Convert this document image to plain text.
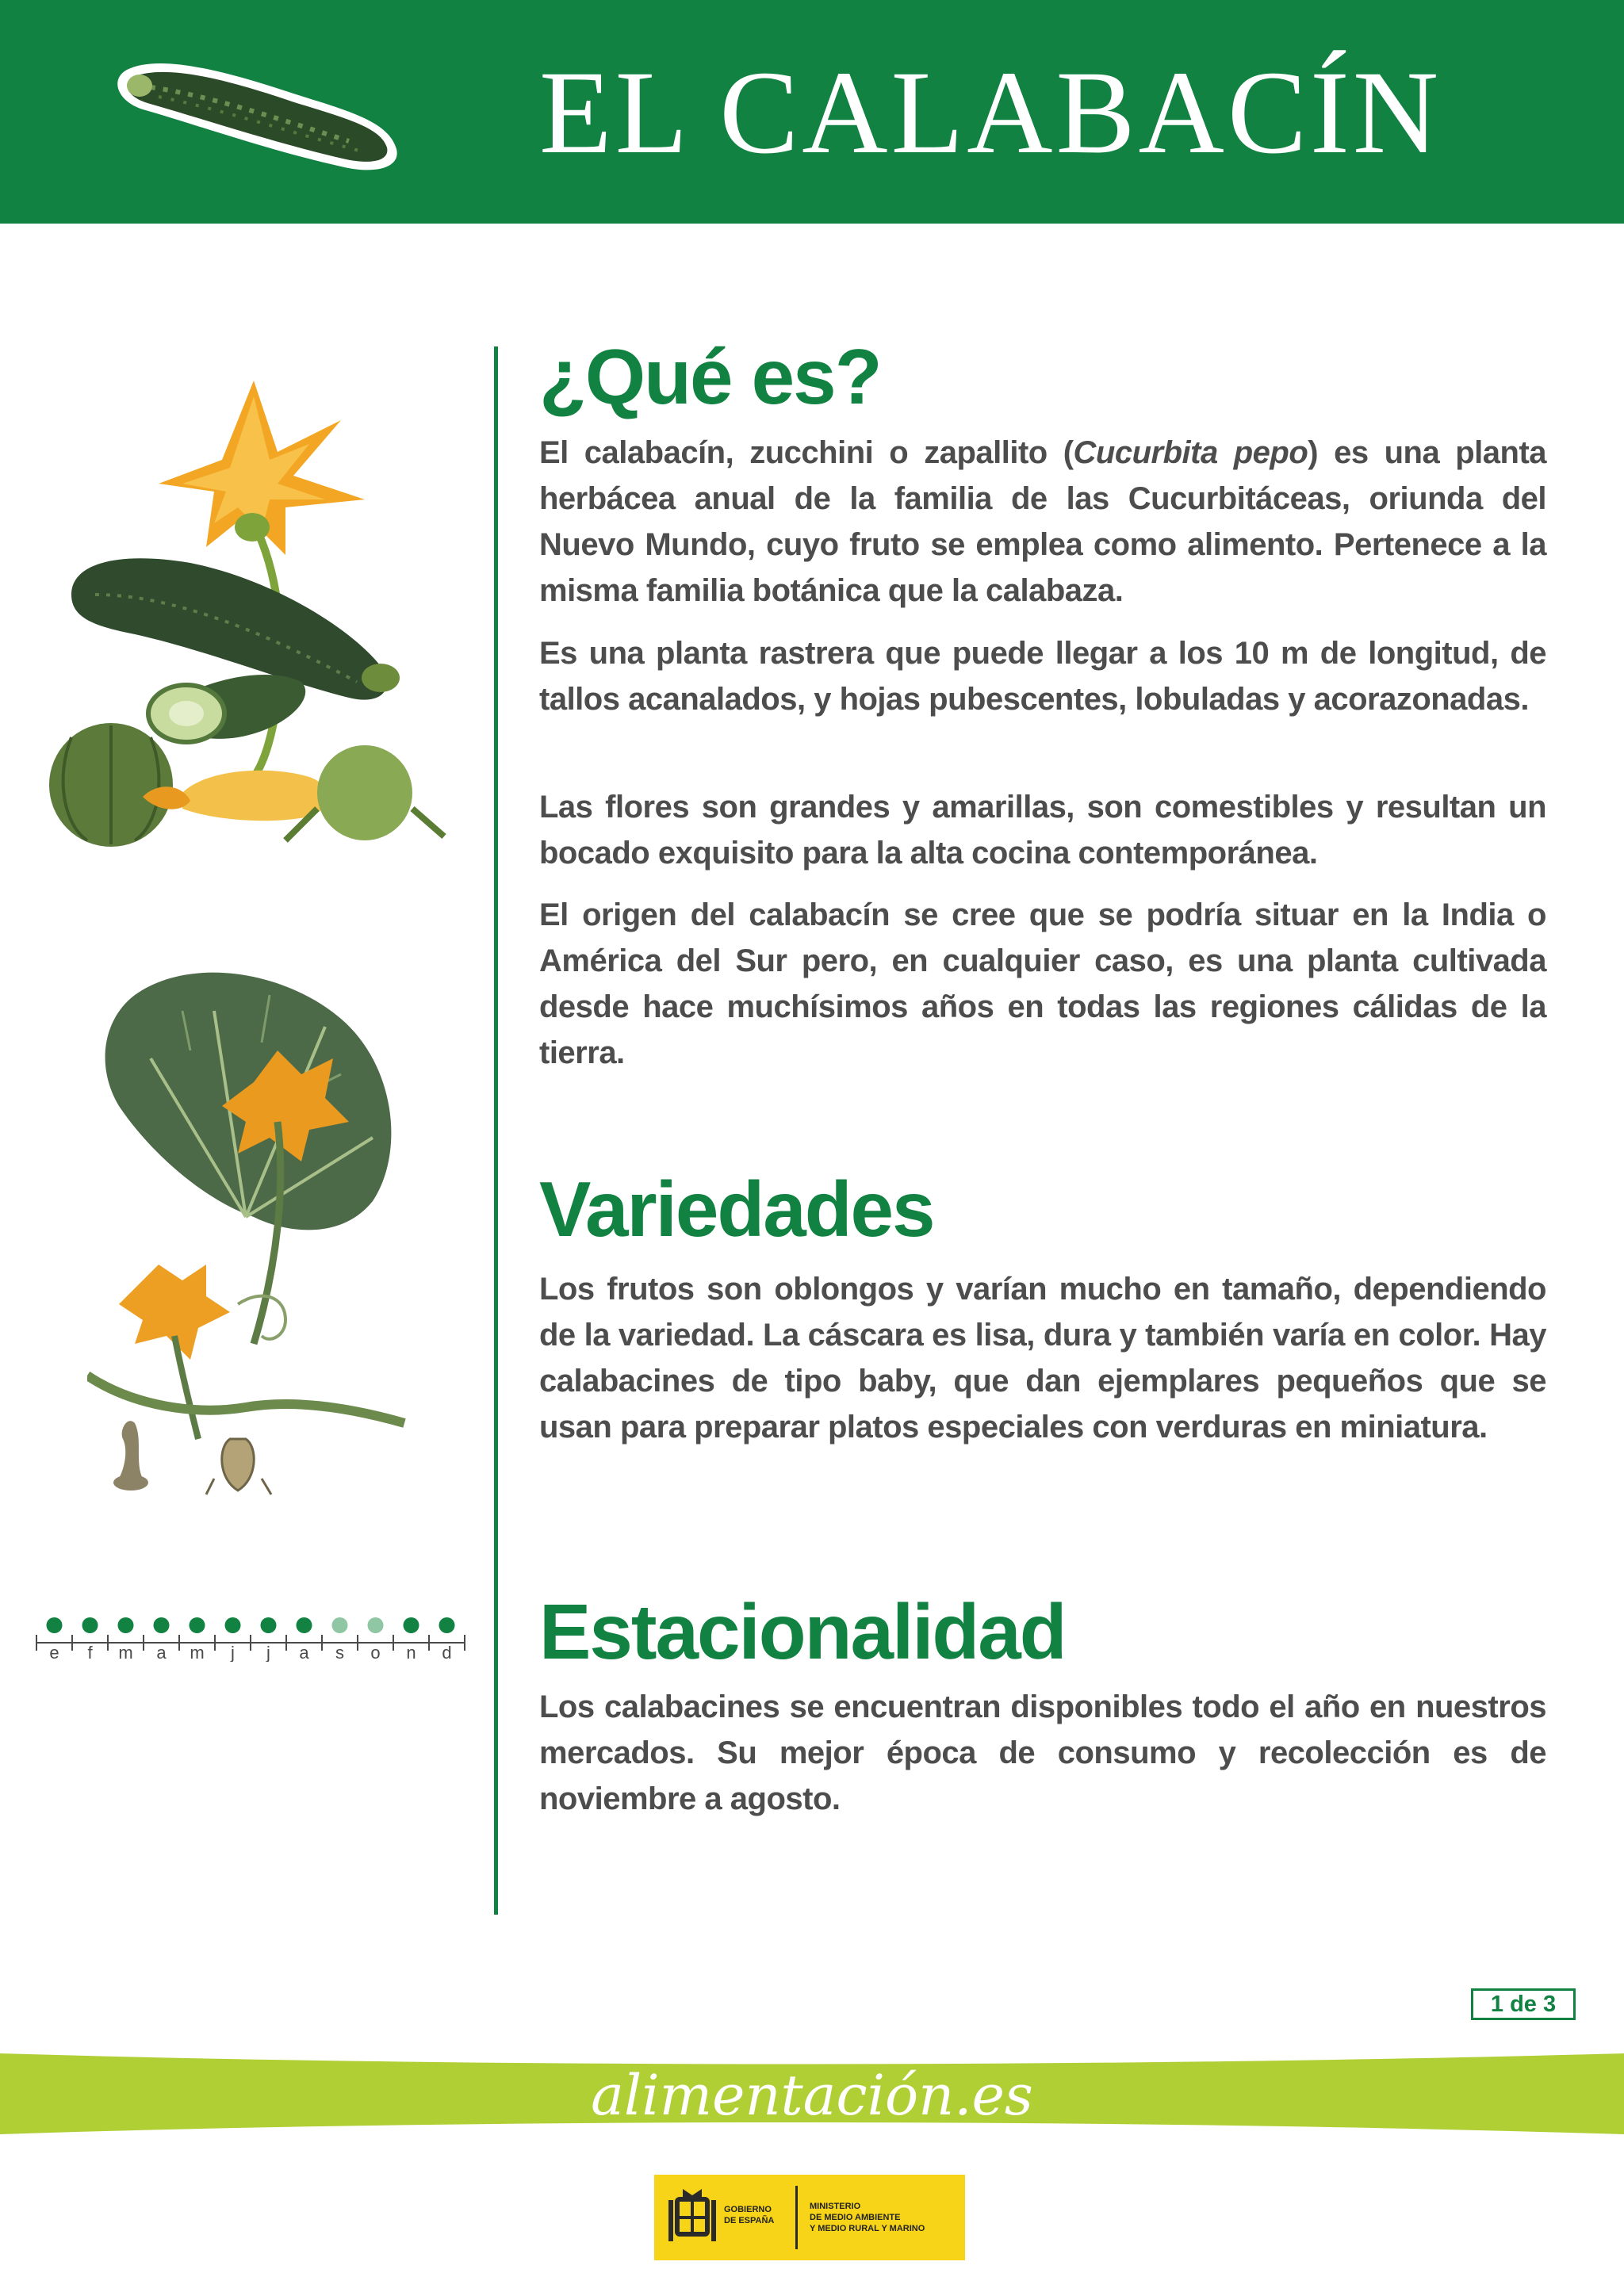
EL CALABACÍN
e f m a m j j a s o n d
¿Qué es?

El calabacín, zucchini o zapallito (Cucurbita pepo) es una planta herbácea anual de la familia de las Cucurbitáceas, oriunda del Nuevo Mundo, cuyo fruto se emplea como alimento. Pertenece a la misma familia botánica que la calabaza.

Es una planta rastrera que puede llegar a los 10 m de longitud, de tallos acanalados, y hojas pubescentes, lobuladas y acorazonadas.

Las flores son grandes y amarillas, son comestibles y resultan un bocado exquisito para la alta cocina contemporánea.

El origen del calabacín se cree que se podría situar en la India o América del Sur pero, en cualquier caso, es una planta cultivada desde hace muchísimos años en todas las regiones cálidas de la tierra.

Variedades

Los frutos son oblongos y varían mucho en tamaño, dependiendo de la variedad. La cáscara es lisa, dura y también varía en color. Hay calabacines de tipo baby, que dan ejemplares pequeños que se usan para preparar platos especiales con verduras en miniatura.

Estacionalidad

Los calabacines se encuentran disponibles todo el año en nuestros mercados. Su mejor época de consumo y recolección es de noviembre a agosto.

1 de 3
alimentación.es
GOBIERNO
DE ESPAÑA
MINISTERIO
DE MEDIO AMBIENTE
Y MEDIO RURAL Y MARINO
